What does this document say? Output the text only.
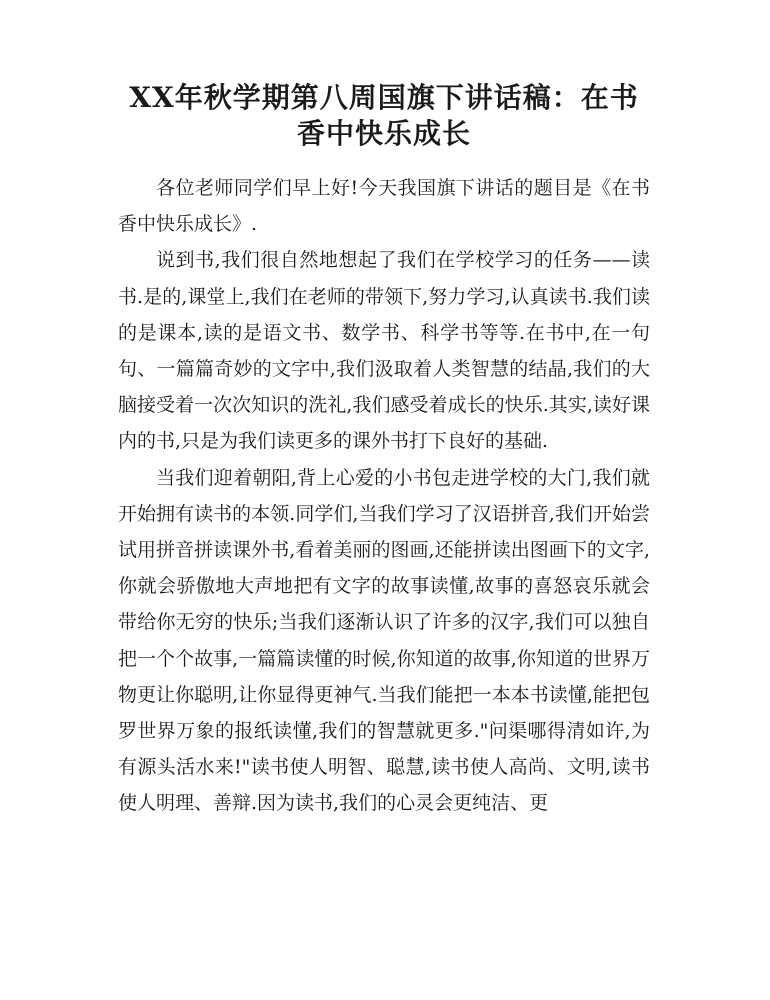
XX年秋学期第八周国旗下讲话稿：在书
香中快乐成长

各位老师同学们早上好!今天我国旗下讲话的题目是《在书香中快乐成长》.

说到书,我们很自然地想起了我们在学校学习的任务——读书.是的,课堂上,我们在老师的带领下,努力学习,认真读书.我们读的是课本,读的是语文书、数学书、科学书等等.在书中,在一句句、一篇篇奇妙的文字中,我们汲取着人类智慧的结晶,我们的大脑接受着一次次知识的洗礼,我们感受着成长的快乐.其实,读好课内的书,只是为我们读更多的课外书打下良好的基础.

当我们迎着朝阳,背上心爱的小书包走进学校的大门,我们就开始拥有读书的本领.同学们,当我们学习了汉语拼音,我们开始尝试用拼音拼读课外书,看着美丽的图画,还能拼读出图画下的文字,你就会骄傲地大声地把有文字的故事读懂,故事的喜怒哀乐就会带给你无穷的快乐;当我们逐渐认识了许多的汉字,我们可以独自把一个个故事,一篇篇读懂的时候,你知道的故事,你知道的世界万物更让你聪明,让你显得更神气.当我们能把一本本书读懂,能把包罗世界万象的报纸读懂,我们的智慧就更多."问渠哪得清如许,为有源头活水来!"读书使人明智、聪慧,读书使人高尚、文明,读书使人明理、善辩.因为读书,我们的心灵会更纯洁、更
